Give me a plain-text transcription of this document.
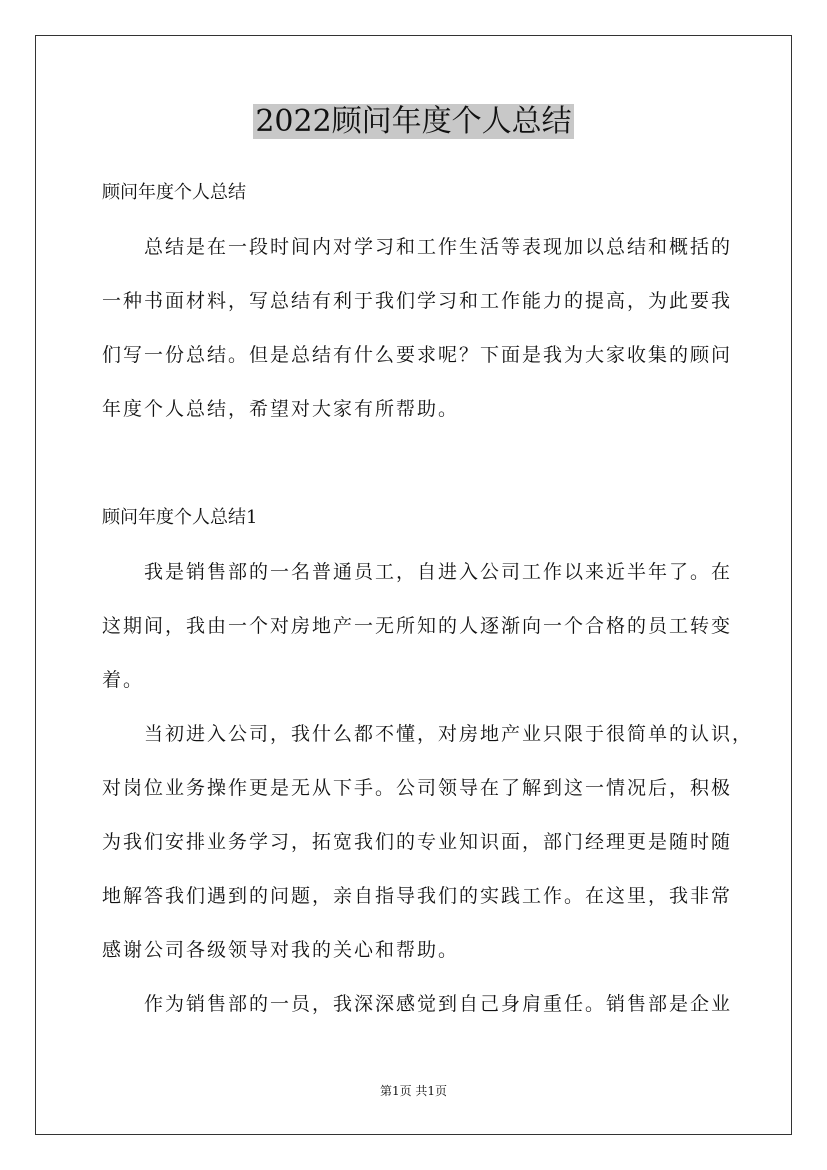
2022顾问年度个人总结
顾问年度个人总结
总结是在一段时间内对学习和工作生活等表现加以总结和概括的
一种书面材料，写总结有利于我们学习和工作能力的提高，为此要我
们写一份总结。但是总结有什么要求呢？下面是我为大家收集的顾问
年度个人总结，希望对大家有所帮助。
顾问年度个人总结1
我是销售部的一名普通员工，自进入公司工作以来近半年了。在
这期间，我由一个对房地产一无所知的人逐渐向一个合格的员工转变
着。
当初进入公司，我什么都不懂，对房地产业只限于很简单的认识，
对岗位业务操作更是无从下手。公司领导在了解到这一情况后，积极
为我们安排业务学习，拓宽我们的专业知识面，部门经理更是随时随
地解答我们遇到的问题，亲自指导我们的实践工作。在这里，我非常
感谢公司各级领导对我的关心和帮助。
作为销售部的一员，我深深感觉到自己身肩重任。销售部是企业
第1页 共1页
